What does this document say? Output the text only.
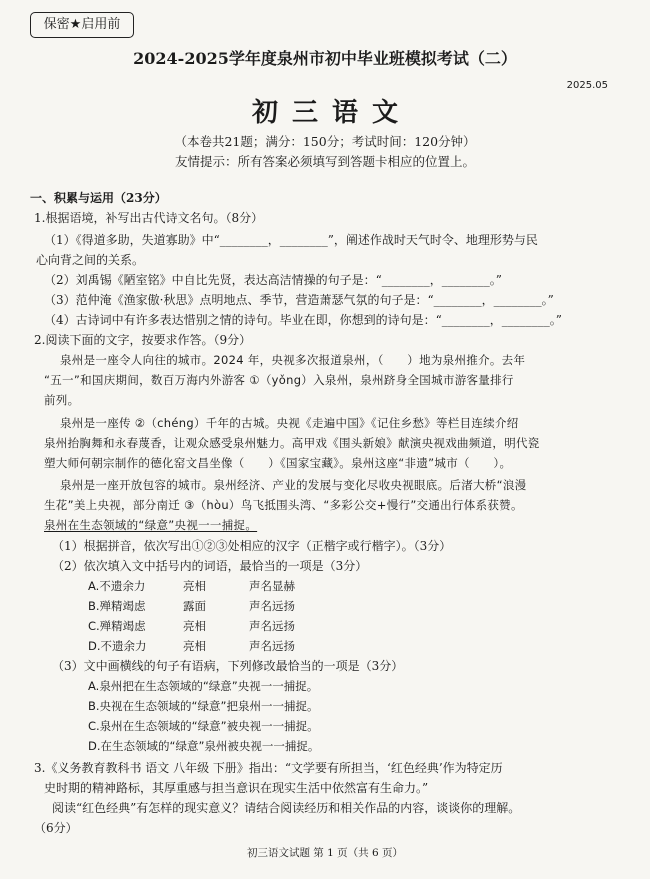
保密★启用前
2024-2025学年度泉州市初中毕业班模拟考试（二）
2025.05
初三语文
（本卷共21题；满分：150分；考试时间：120分钟）
友情提示：所有答案必须填写到答题卡相应的位置上。
一、积累与运用（23分）
1.根据语境，补写出古代诗文名句。（8分）
（1）《得道多助，失道寡助》中“________，________”，阐述作战时天气时令、地理形势与民
心向背之间的关系。
（2）刘禹锡《陋室铭》中自比先贤，表达高洁情操的句子是：“________，________。”
（3）范仲淹《渔家傲·秋思》点明地点、季节，营造萧瑟气氛的句子是：“________，________。”
（4）古诗词中有许多表达惜别之情的诗句。毕业在即，你想到的诗句是：“________，________。”
2.阅读下面的文字，按要求作答。（9分）
泉州是一座令人向往的城市。2024 年，央视多次报道泉州，（　　）地为泉州推介。去年
“五一”和国庆期间，数百万海内外游客 ①（yǒng）入泉州，泉州跻身全国城市游客量排行
前列。
泉州是一座传 ②（chéng）千年的古城。央视《走遍中国》《记住乡愁》等栏目连续介绍
泉州抬胸舞和永春蔑香，让观众感受泉州魅力。高甲戏《围头新娘》献演央视戏曲频道，明代瓷
塑大师何朝宗制作的德化窑文昌坐像（　　）《国家宝藏》。泉州这座“非遗”城市（　　）。
泉州是一座开放包容的城市。泉州经济、产业的发展与变化尽收央视眼底。后渚大桥“浪漫
生花”美上央视，部分南迁 ③（hòu）鸟飞抵围头湾、“多彩公交+慢行”交通出行体系获赞。
泉州在生态领域的“绿意”央视一一捕捉。
（1）根据拼音，依次写出①②③处相应的汉字（正楷字或行楷字）。（3分）
（2）依次填入文中括号内的词语，最恰当的一项是（3分）
A.不遗余力	亮相	声名显赫
B.殚精竭虑	露面	声名远扬
C.殚精竭虑	亮相	声名远扬
D.不遗余力	亮相	声名远扬
（3）文中画横线的句子有语病，下列修改最恰当的一项是（3分）
A.泉州把在生态领域的“绿意”央视一一捕捉。
B.央视在生态领域的“绿意”把泉州一一捕捉。
C.泉州在生态领域的“绿意”被央视一一捕捉。
D.在生态领域的“绿意”泉州被央视一一捕捉。
3.《义务教育教科书 语文 八年级 下册》指出：“文学要有所担当，‘红色经典’作为特定历
史时期的精神路标，其厚重感与担当意识在现实生活中依然富有生命力。”
阅读“红色经典”有怎样的现实意义？请结合阅读经历和相关作品的内容，谈谈你的理解。
（6分）
初三语文试题 第 1 页（共 6 页）
